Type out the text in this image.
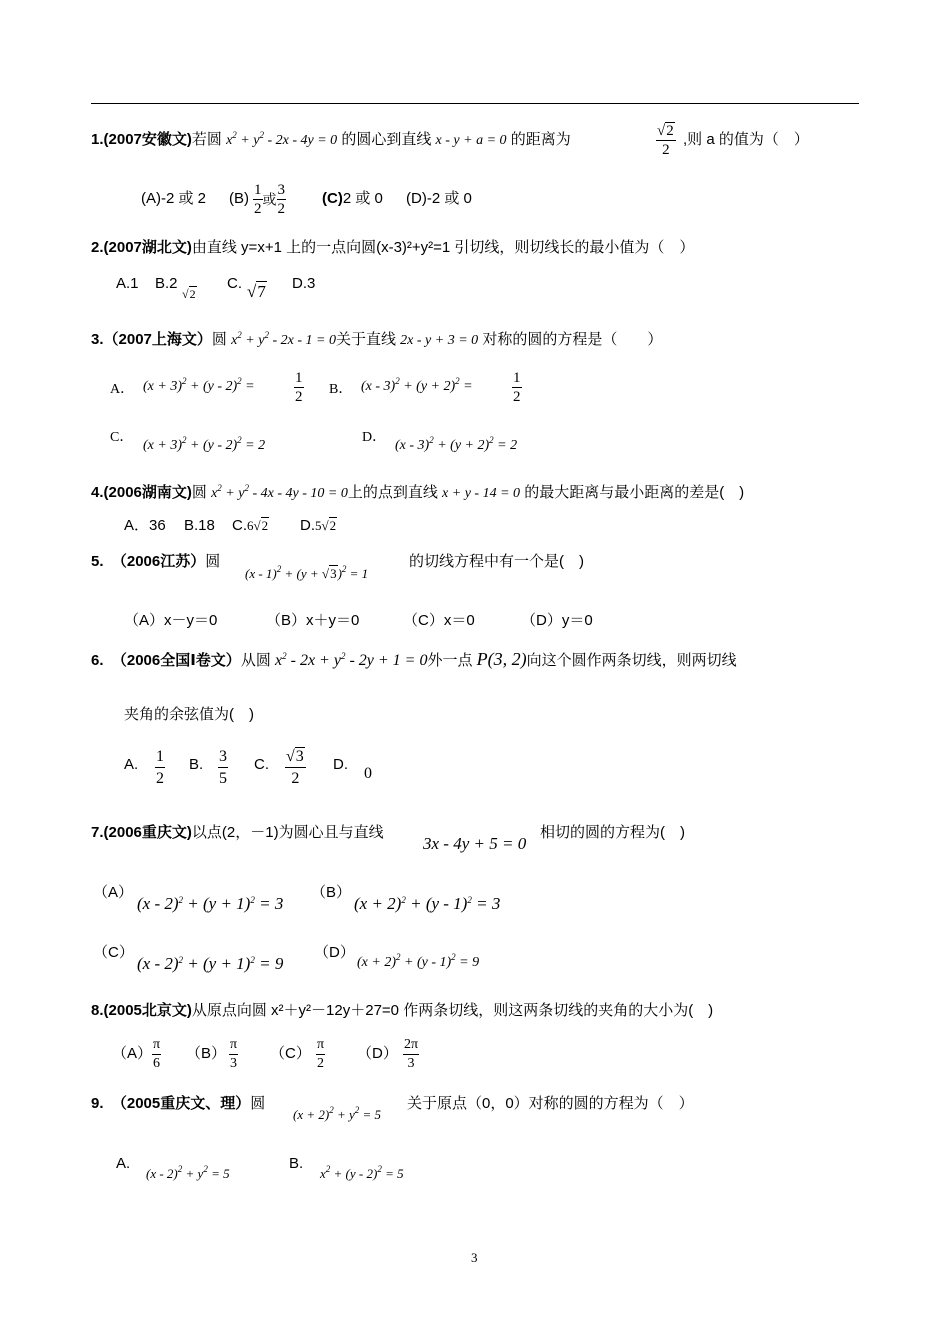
1.(2007安徽文)若圆 $x^2 + y^2 - 2x - 4y = 0$ 的圆心到直线 x - y + a = 0 的距离为	$\frac{√2}{2}$ ,则 a 的值为（　）
(A)-2 或 2 $(B) \frac{1}{2}$ 或 $\frac{3}{2} (C)2$ 或 0 (D)-2 或 0
2.(2007湖北文)由直线 y=x+1 上的一点向圆(x-3)²+y²=1 引切线，则切线长的最小值为（　）
A.1 B.2
√2
C. √7 D.3
3.（2007上海文）圆 $x^2 + y^2 - 2x - 1 = 0$关于直线 2x - y + 3 = 0 对称的圆的方程是（　　）
A． $(x + 3)^2 + (y - 2)^2$ =	$\frac{1}{2}$ B． $(x - 3)^2 + (y + 2)^2$ =	$\frac{1}{2}$
C．
$(x + 3)^2 + (y - 2)^2 = 2$
D．
$(x - 3)^2 + (y + 2)^2 = 2$
4.(2006湖南文)圆 $x^2 + y^2 - 4x - 4y - 10 = 0$上的点到直线 x + y - 14 = 0 的最大距离与最小距离的差是(　)
A．36 B.18 C.6√2 D.5√2
5. （2006江苏）圆
$(x - 1)^2 + (y + √3)^2 = 1$
的切线方程中有一个是(　)
（A）x－y＝0	（B）x＋y＝0	（C）x＝0	（D）y＝0
6. （2006全国Ⅰ卷文）从圆 $x^2 - 2x + y^2 - 2y + 1 = 0$外一点 P(3, 2)向这个圆作两条切线，则两切线
夹角的余弦值为(　)
A. $\frac{1}{2} B$. $\frac{3}{5} C$. $\frac{√3}{2} D$.
0
7.(2006重庆文)以点(2，－1)为圆心且与直线
3x - 4y + 5 = 0
相切的圆的方程为(　)
（A）
$(x - 2)^2 + (y + 1)^2 = 3$
（B）
$(x + 2)^2 + (y - 1)^2 = 3$
（C）
$(x - 2)^2 + (y + 1)^2 = 9$
（D）
$(x + 2)^2 + (y - 1)^2 = 9$
8.(2005北京文)从原点向圆 x²＋y²－12y＋27=0 作两条切线，则这两条切线的夹角的大小为(　)
$(A) \frac{\pi}{6} (B) \frac{\pi}{3} (C) \frac{\pi}{2} (D) \frac{2\pi}{3}$
9. （2005重庆文、理）圆
$(x + 2)^2 + y^2 = 5$
关于原点（0，0）对称的圆的方程为（　）
A.
$(x - 2)^2 + y^2 = 5$
B.
$x^2 + (y - 2)^2 = 5$
3
